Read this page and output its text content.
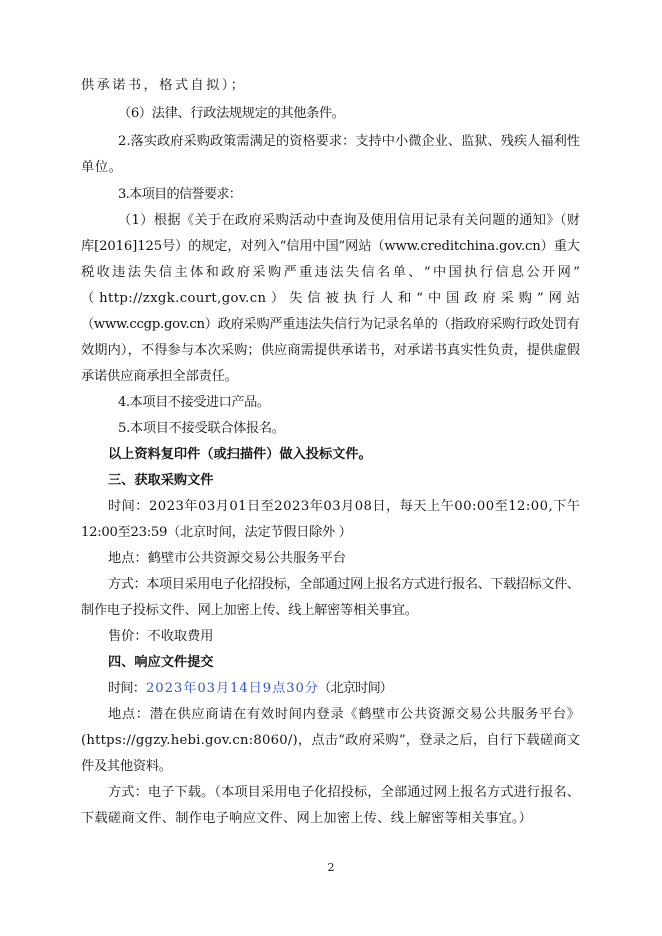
供承诺书，格式自拟）；
（6）法律、行政法规规定的其他条件。
2.落实政府采购政策需满足的资格要求：支持中小微企业、监狱、残疾人福利性
单位。
3.本项目的信誉要求：
（1）根据《关于在政府采购活动中查询及使用信用记录有关问题的通知》（财
库[2016]125号）的规定，对列入“信用中国”网站（www.creditchina.gov.cn）重大
税收违法失信主体和政府采购严重违法失信名单、“中国执行信息公开网”
（ http://zxgk.court,gov.cn ） 失 信 被 执 行 人 和 “ 中 国 政 府 采 购 ” 网 站
（www.ccgp.gov.cn）政府采购严重违法失信行为记录名单的（指政府采购行政处罚有
效期内），不得参与本次采购；供应商需提供承诺书，对承诺书真实性负责，提供虚假
承诺供应商承担全部责任。
4.本项目不接受进口产品。
5.本项目不接受联合体报名。
以上资料复印件（或扫描件）做入投标文件。
三、获取采购文件
时间：2023年03月01日至2023年03月08日，每天上午00:00至12:00,下午
12:00至23:59（北京时间，法定节假日除外 ）
地点：鹤壁市公共资源交易公共服务平台
方式：本项目采用电子化招投标，全部通过网上报名方式进行报名、下载招标文件、
制作电子投标文件、网上加密上传、线上解密等相关事宜。
售价：不收取费用
四、响应文件提交
时间： 2023年03月14日9点30分 （北京时间）
地点：潜在供应商请在有效时间内登录《鹤壁市公共资源交易公共服务平台》
(https://ggzy.hebi.gov.cn:8060/)，点击“政府采购”，登录之后，自行下载磋商文
件及其他资料。
方式：电子下载。（本项目采用电子化招投标，全部通过网上报名方式进行报名、
下载磋商文件、制作电子响应文件、网上加密上传、线上解密等相关事宜。）
2
